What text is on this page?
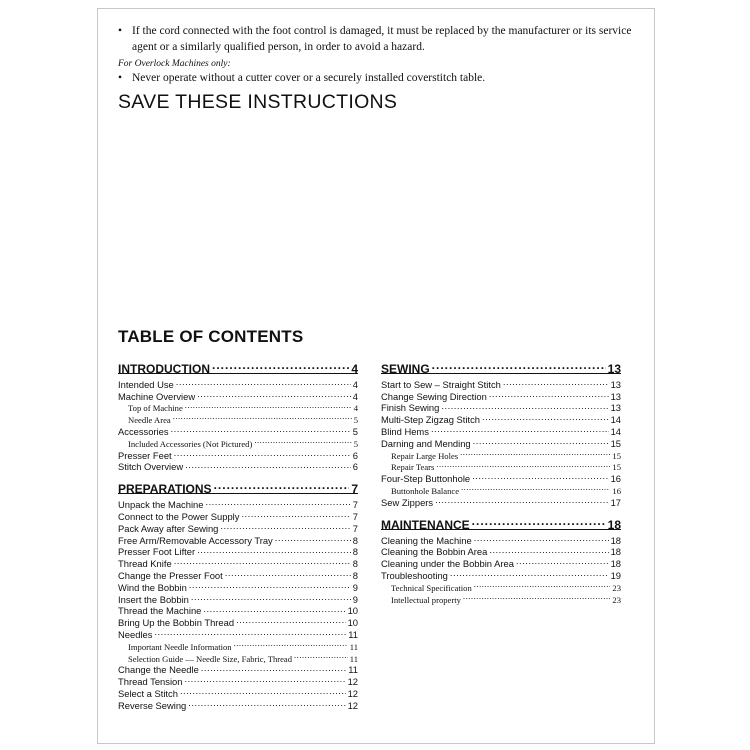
• If the cord connected with the foot control is damaged, it must be replaced by the manufacturer or its service agent or a similarly qualified person, in order to avoid a hazard.
For Overlock Machines only:
• Never operate without a cutter cover or a securely installed coverstitch table.
SAVE THESE INSTRUCTIONS
TABLE OF CONTENTS
INTRODUCTION .....	4
Intended Use .....	4
Machine Overview .....	4
Top of Machine .....	4
Needle Area .....	5
Accessories .....	5
Included Accessories (Not Pictured) .....	5
Presser Feet .....	6
Stitch Overview .....	6
PREPARATIONS .....	7
Unpack the Machine .....	7
Connect to the Power Supply .....	7
Pack Away after Sewing .....	7
Free Arm/Removable Accessory Tray .....	8
Presser Foot Lifter .....	8
Thread Knife .....	8
Change the Presser Foot .....	8
Wind the Bobbin .....	9
Insert the Bobbin .....	9
Thread the Machine .....	10
Bring Up the Bobbin Thread .....	10
Needles .....	11
Important Needle Information .....	11
Selection Guide — Needle Size, Fabric, Thread .....	11
Change the Needle .....	11
Thread Tension .....	12
Select a Stitch .....	12
Reverse Sewing .....	12
SEWING .....	13
Start to Sew – Straight Stitch .....	13
Change Sewing Direction .....	13
Finish Sewing .....	13
Multi-Step Zigzag Stitch .....	14
Blind Hems .....	14
Darning and Mending .....	15
Repair Large Holes .....	15
Repair Tears .....	15
Four-Step Buttonhole .....	16
Buttonhole Balance .....	16
Sew Zippers .....	17
MAINTENANCE .....	18
Cleaning the Machine .....	18
Cleaning the Bobbin Area .....	18
Cleaning under the Bobbin Area .....	18
Troubleshooting .....	19
Technical Specification .....	23
Intellectual property .....	23
